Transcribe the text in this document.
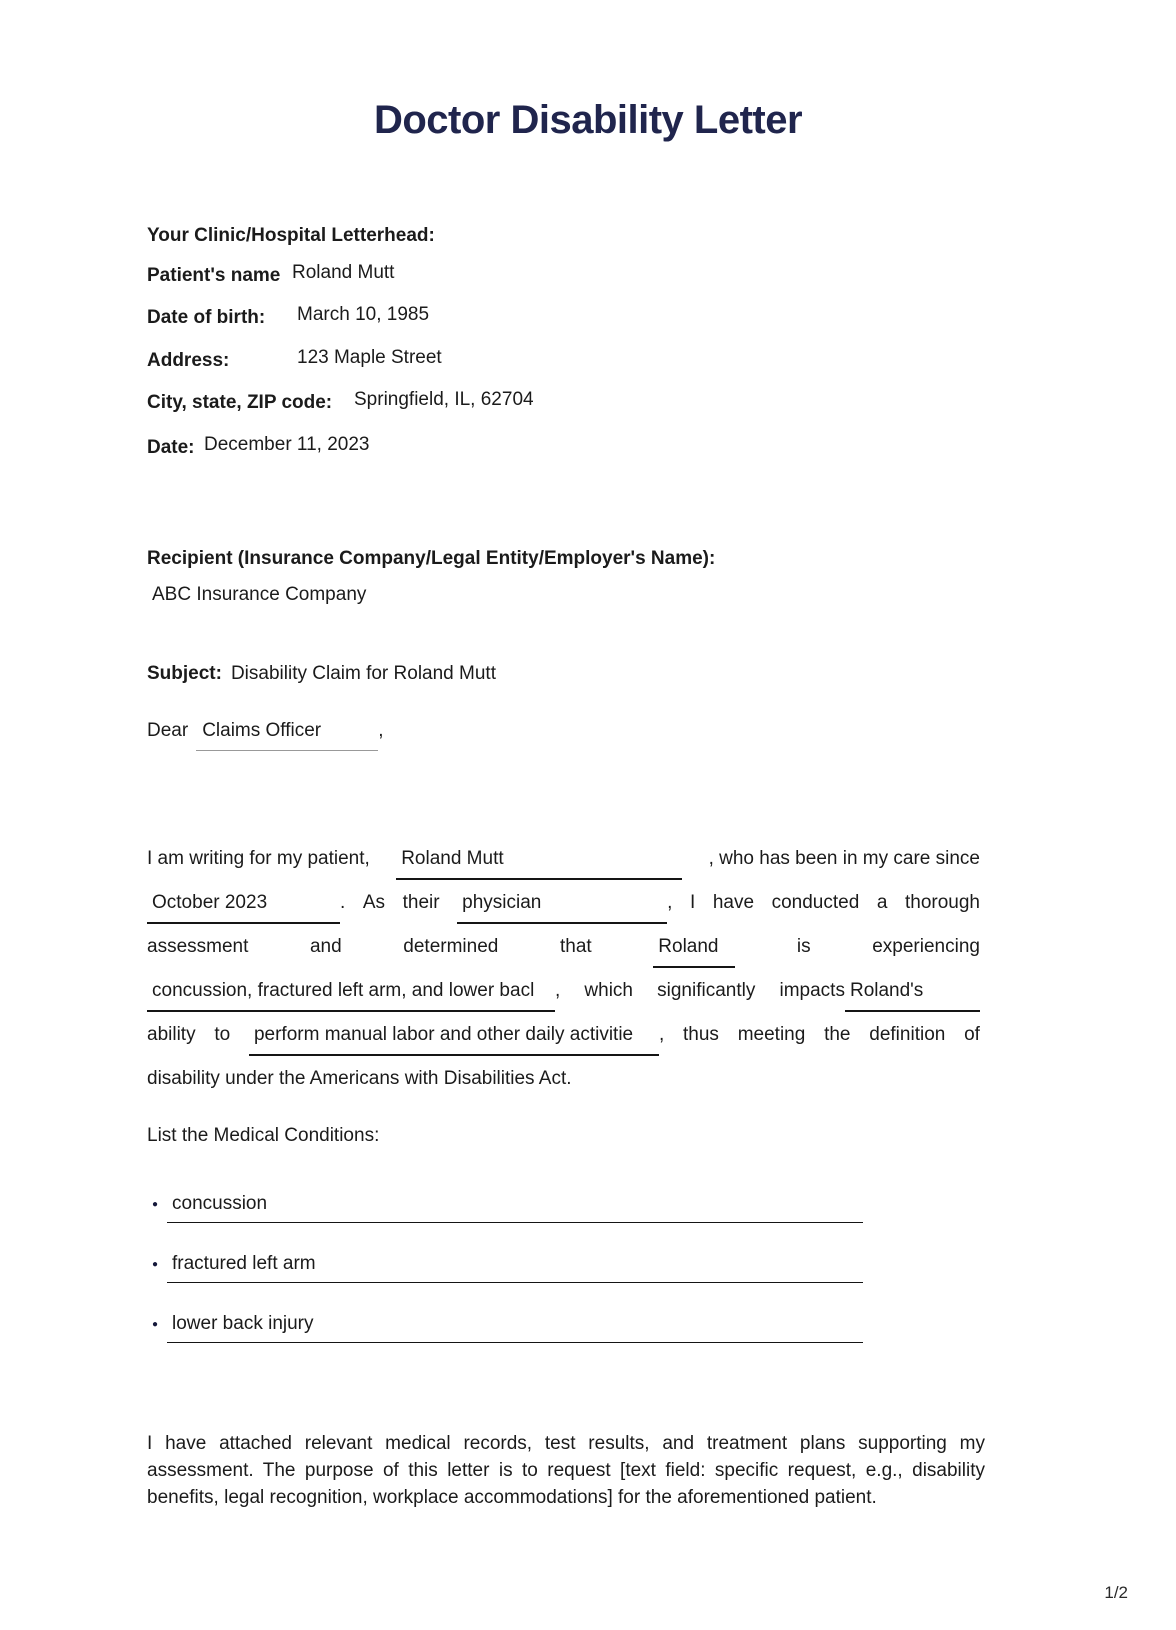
Doctor Disability Letter
Your Clinic/Hospital Letterhead:
Patient's name Roland Mutt
Date of birth: March 10, 1985
Address:	123 Maple Street
City, state, ZIP code: Springfield, IL, 62704
Date: December 11, 2023
Recipient (Insurance Company/Legal Entity/Employer's Name):
ABC Insurance Company
Subject: Disability Claim for Roland Mutt
Dear Claims Officer	,
I am writing for my patient, Roland Mutt	, who has been in my care since
October 2023	. As their physician	, I have conducted a thorough
assessment	and	determined	that	Roland	is	experiencing
concussion, fractured left arm, and lower bacl , which significantly impacts Roland's
ability to perform manual labor and other daily activitie , thus meeting the definition of
disability under the Americans with Disabilities Act.
List the Medical Conditions:
● concussion
● fractured left arm
● lower back injury
I have attached relevant medical records, test results, and treatment plans supporting my assessment. The purpose of this letter is to request [text field: specific request, e.g., disability benefits, legal recognition, workplace accommodations] for the aforementioned patient.
1/2
